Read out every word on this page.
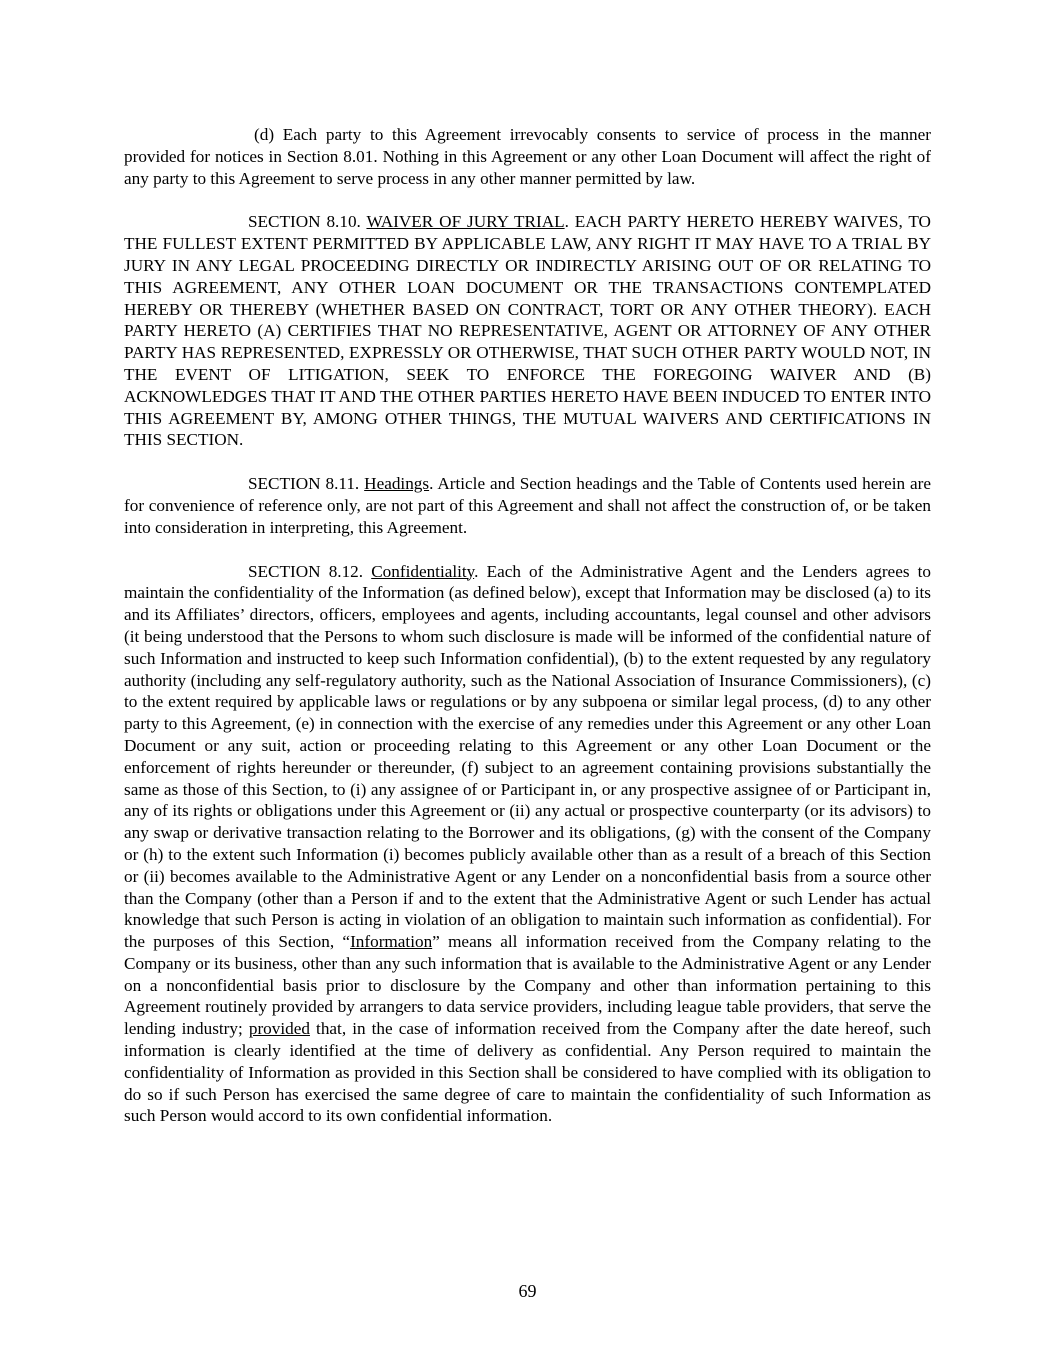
(d) Each party to this Agreement irrevocably consents to service of process in the manner provided for notices in Section 8.01. Nothing in this Agreement or any other Loan Document will affect the right of any party to this Agreement to serve process in any other manner permitted by law.

SECTION 8.10. WAIVER OF JURY TRIAL. EACH PARTY HERETO HEREBY WAIVES, TO THE FULLEST EXTENT PERMITTED BY APPLICABLE LAW, ANY RIGHT IT MAY HAVE TO A TRIAL BY JURY IN ANY LEGAL PROCEEDING DIRECTLY OR INDIRECTLY ARISING OUT OF OR RELATING TO THIS AGREEMENT, ANY OTHER LOAN DOCUMENT OR THE TRANSACTIONS CONTEMPLATED HEREBY OR THEREBY (WHETHER BASED ON CONTRACT, TORT OR ANY OTHER THEORY). EACH PARTY HERETO (A) CERTIFIES THAT NO REPRESENTATIVE, AGENT OR ATTORNEY OF ANY OTHER PARTY HAS REPRESENTED, EXPRESSLY OR OTHERWISE, THAT SUCH OTHER PARTY WOULD NOT, IN THE EVENT OF LITIGATION, SEEK TO ENFORCE THE FOREGOING WAIVER AND (B) ACKNOWLEDGES THAT IT AND THE OTHER PARTIES HERETO HAVE BEEN INDUCED TO ENTER INTO THIS AGREEMENT BY, AMONG OTHER THINGS, THE MUTUAL WAIVERS AND CERTIFICATIONS IN THIS SECTION.

SECTION 8.11. Headings. Article and Section headings and the Table of Contents used herein are for convenience of reference only, are not part of this Agreement and shall not affect the construction of, or be taken into consideration in interpreting, this Agreement.

SECTION 8.12. Confidentiality. Each of the Administrative Agent and the Lenders agrees to maintain the confidentiality of the Information (as defined below), except that Information may be disclosed (a) to its and its Affiliates’ directors, officers, employees and agents, including accountants, legal counsel and other advisors (it being understood that the Persons to whom such disclosure is made will be informed of the confidential nature of such Information and instructed to keep such Information confidential), (b) to the extent requested by any regulatory authority (including any self-regulatory authority, such as the National Association of Insurance Commissioners), (c) to the extent required by applicable laws or regulations or by any subpoena or similar legal process, (d) to any other party to this Agreement, (e) in connection with the exercise of any remedies under this Agreement or any other Loan Document or any suit, action or proceeding relating to this Agreement or any other Loan Document or the enforcement of rights hereunder or thereunder, (f) subject to an agreement containing provisions substantially the same as those of this Section, to (i) any assignee of or Participant in, or any prospective assignee of or Participant in, any of its rights or obligations under this Agreement or (ii) any actual or prospective counterparty (or its advisors) to any swap or derivative transaction relating to the Borrower and its obligations, (g) with the consent of the Company or (h) to the extent such Information (i) becomes publicly available other than as a result of a breach of this Section or (ii) becomes available to the Administrative Agent or any Lender on a nonconfidential basis from a source other than the Company (other than a Person if and to the extent that the Administrative Agent or such Lender has actual knowledge that such Person is acting in violation of an obligation to maintain such information as confidential). For the purposes of this Section, “Information” means all information received from the Company relating to the Company or its business, other than any such information that is available to the Administrative Agent or any Lender on a nonconfidential basis prior to disclosure by the Company and other than information pertaining to this Agreement routinely provided by arrangers to data service providers, including league table providers, that serve the lending industry; provided that, in the case of information received from the Company after the date hereof, such information is clearly identified at the time of delivery as confidential. Any Person required to maintain the confidentiality of Information as provided in this Section shall be considered to have complied with its obligation to do so if such Person has exercised the same degree of care to maintain the confidentiality of such Information as such Person would accord to its own confidential information.

69
